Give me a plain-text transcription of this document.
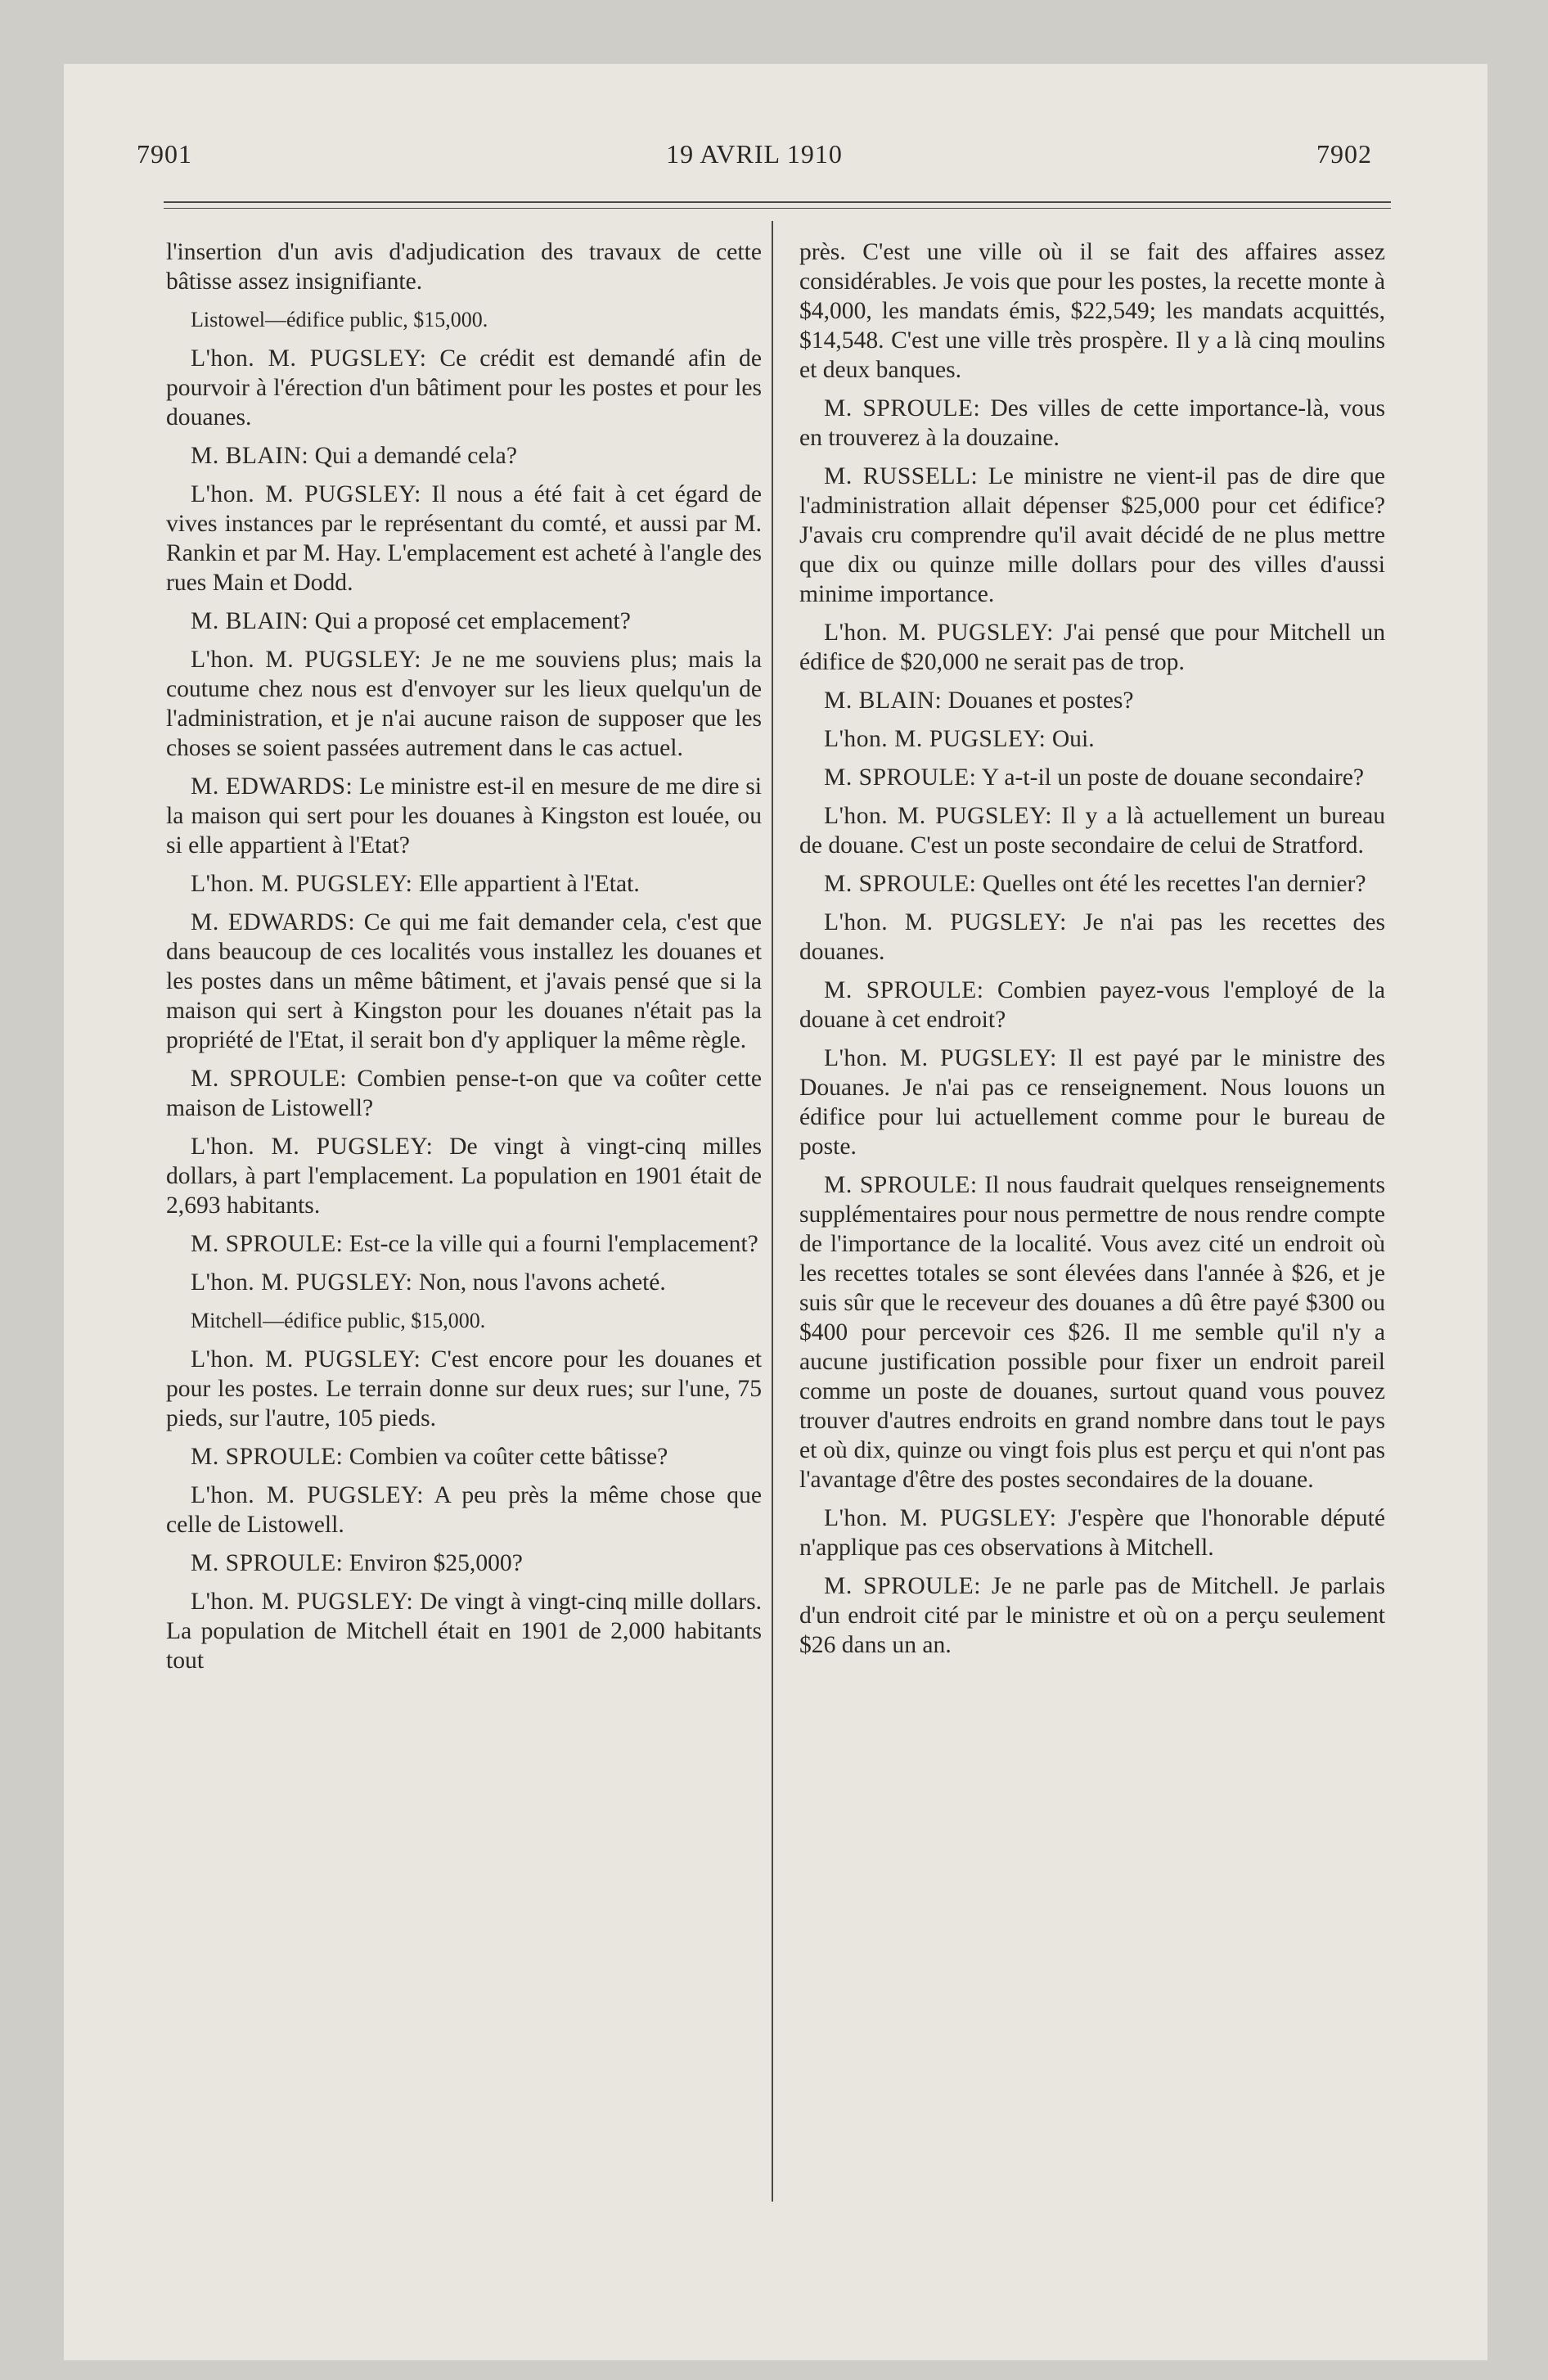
7901	19 AVRIL 1910	7902

l'insertion d'un avis d'adjudication des travaux de cette bâtisse assez insignifiante.

Listowel—édifice public, $15,000.

L'hon. M. PUGSLEY: Ce crédit est demandé afin de pourvoir à l'érection d'un bâtiment pour les postes et pour les douanes.

M. BLAIN: Qui a demandé cela?

L'hon. M. PUGSLEY: Il nous a été fait à cet égard de vives instances par le représentant du comté, et aussi par M. Rankin et par M. Hay. L'emplacement est acheté à l'angle des rues Main et Dodd.

M. BLAIN: Qui a proposé cet emplacement?

L'hon. M. PUGSLEY: Je ne me souviens plus; mais la coutume chez nous est d'envoyer sur les lieux quelqu'un de l'administration, et je n'ai aucune raison de supposer que les choses se soient passées autrement dans le cas actuel.

M. EDWARDS: Le ministre est-il en mesure de me dire si la maison qui sert pour les douanes à Kingston est louée, ou si elle appartient à l'Etat?

L'hon. M. PUGSLEY: Elle appartient à l'Etat.

M. EDWARDS: Ce qui me fait demander cela, c'est que dans beaucoup de ces localités vous installez les douanes et les postes dans un même bâtiment, et j'avais pensé que si la maison qui sert à Kingston pour les douanes n'était pas la propriété de l'Etat, il serait bon d'y appliquer la même règle.

M. SPROULE: Combien pense-t-on que va coûter cette maison de Listowell?

L'hon. M. PUGSLEY: De vingt à vingt-cinq milles dollars, à part l'emplacement. La population en 1901 était de 2,693 habitants.

M. SPROULE: Est-ce la ville qui a fourni l'emplacement?

L'hon. M. PUGSLEY: Non, nous l'avons acheté.

Mitchell—édifice public, $15,000.

L'hon. M. PUGSLEY: C'est encore pour les douanes et pour les postes. Le terrain donne sur deux rues; sur l'une, 75 pieds, sur l'autre, 105 pieds.

M. SPROULE: Combien va coûter cette bâtisse?

L'hon. M. PUGSLEY: A peu près la même chose que celle de Listowell.

M. SPROULE: Environ $25,000?

L'hon. M. PUGSLEY: De vingt à vingt-cinq mille dollars. La population de Mitchell était en 1901 de 2,000 habitants tout

près. C'est une ville où il se fait des affaires assez considérables. Je vois que pour les postes, la recette monte à $4,000, les mandats émis, $22,549; les mandats acquittés, $14,548. C'est une ville très prospère. Il y a là cinq moulins et deux banques.

M. SPROULE: Des villes de cette importance-là, vous en trouverez à la douzaine.

M. RUSSELL: Le ministre ne vient-il pas de dire que l'administration allait dépenser $25,000 pour cet édifice? J'avais cru comprendre qu'il avait décidé de ne plus mettre que dix ou quinze mille dollars pour des villes d'aussi minime importance.

L'hon. M. PUGSLEY: J'ai pensé que pour Mitchell un édifice de $20,000 ne serait pas de trop.

M. BLAIN: Douanes et postes?

L'hon. M. PUGSLEY: Oui.

M. SPROULE: Y a-t-il un poste de douane secondaire?

L'hon. M. PUGSLEY: Il y a là actuellement un bureau de douane. C'est un poste secondaire de celui de Stratford.

M. SPROULE: Quelles ont été les recettes l'an dernier?

L'hon. M. PUGSLEY: Je n'ai pas les recettes des douanes.

M. SPROULE: Combien payez-vous l'employé de la douane à cet endroit?

L'hon. M. PUGSLEY: Il est payé par le ministre des Douanes. Je n'ai pas ce renseignement. Nous louons un édifice pour lui actuellement comme pour le bureau de poste.

M. SPROULE: Il nous faudrait quelques renseignements supplémentaires pour nous permettre de nous rendre compte de l'importance de la localité. Vous avez cité un endroit où les recettes totales se sont élevées dans l'année à $26, et je suis sûr que le receveur des douanes a dû être payé $300 ou $400 pour percevoir ces $26. Il me semble qu'il n'y a aucune justification possible pour fixer un endroit pareil comme un poste de douanes, surtout quand vous pouvez trouver d'autres endroits en grand nombre dans tout le pays et où dix, quinze ou vingt fois plus est perçu et qui n'ont pas l'avantage d'être des postes secondaires de la douane.

L'hon. M. PUGSLEY: J'espère que l'honorable député n'applique pas ces observations à Mitchell.

M. SPROULE: Je ne parle pas de Mitchell. Je parlais d'un endroit cité par le ministre et où on a perçu seulement $26 dans un an.
